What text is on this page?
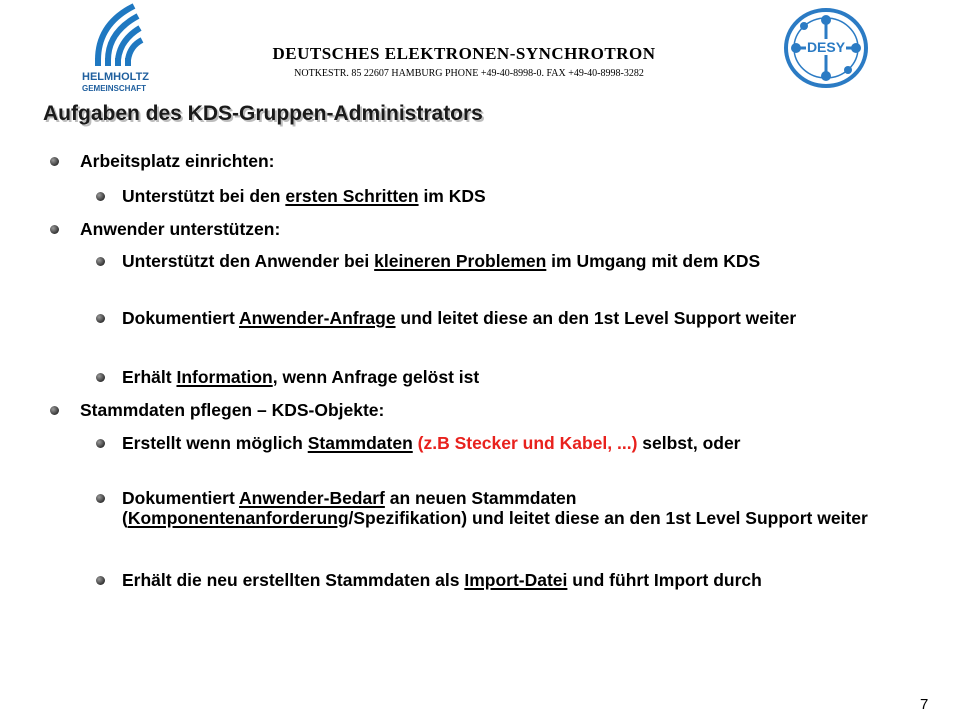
HELMHOLTZ
GEMEINSCHAFT
DEUTSCHES ELEKTRONEN-SYNCHROTRON
NOTKESTR. 85 22607 HAMBURG PHONE +49-40-8998-0. FAX +49-40-8998-3282
DESY
Aufgaben des KDS-Gruppen-Administrators
Arbeitsplatz einrichten:
Unterstützt bei den ersten Schritten im KDS
Anwender unterstützen:
Unterstützt den Anwender bei kleineren Problemen im Umgang mit dem KDS
Dokumentiert Anwender-Anfrage und leitet diese an den 1st Level Support weiter
Erhält Information, wenn Anfrage gelöst ist
Stammdaten pflegen – KDS-Objekte:
Erstellt wenn möglich Stammdaten (z.B Stecker und Kabel, ...) selbst, oder
Dokumentiert Anwender-Bedarf an neuen Stammdaten (Komponentenanforderung/Spezifikation) und leitet diese an den 1st Level Support weiter
Erhält die neu erstellten Stammdaten als Import-Datei und führt Import durch
7
